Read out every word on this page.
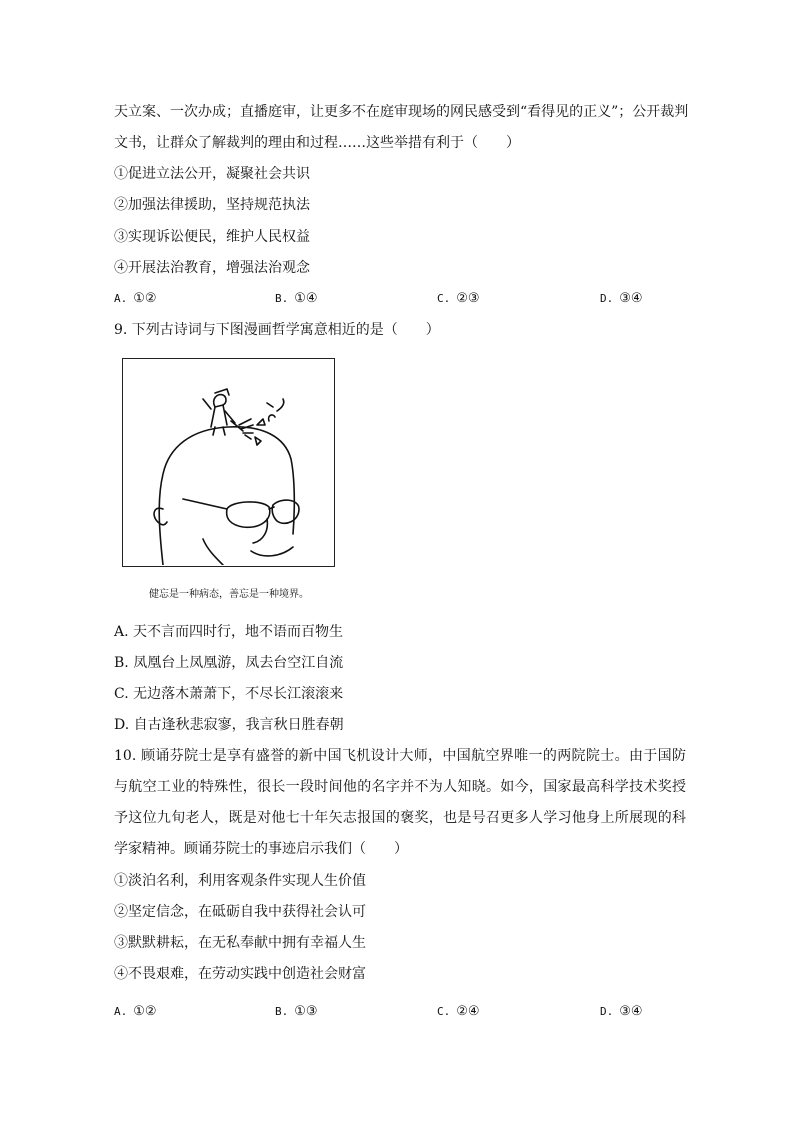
天立案、一次办成；直播庭审，让更多不在庭审现场的网民感受到“看得见的正义”；公开裁判
文书，让群众了解裁判的理由和过程……这些举措有利于（　　）
①促进立法公开，凝聚社会共识
②加强法律援助，坚持规范执法
③实现诉讼便民，维护人民权益
④开展法治教育，增强法治观念
A. ①②	B. ①④	C. ②③	D. ③④
9. 下列古诗词与下图漫画哲学寓意相近的是（　　）
健忘是一种病态，善忘是一种境界。
A. 天不言而四时行，地不语而百物生
B. 凤凰台上凤凰游，凤去台空江自流
C. 无边落木萧萧下，不尽长江滚滚来
D. 自古逢秋悲寂寥，我言秋日胜春朝
10. 顾诵芬院士是享有盛誉的新中国飞机设计大师，中国航空界唯一的两院院士。由于国防与航空工业的特殊性，很长一段时间他的名字并不为人知晓。如今，国家最高科学技术奖授予这位九旬老人，既是对他七十年矢志报国的褒奖，也是号召更多人学习他身上所展现的科学家精神。顾诵芬院士的事迹启示我们（　　）
①淡泊名利，利用客观条件实现人生价值
②坚定信念，在砥砺自我中获得社会认可
③默默耕耘，在无私奉献中拥有幸福人生
④不畏艰难，在劳动实践中创造社会财富
A. ①②	B. ①③	C. ②④	D. ③④
